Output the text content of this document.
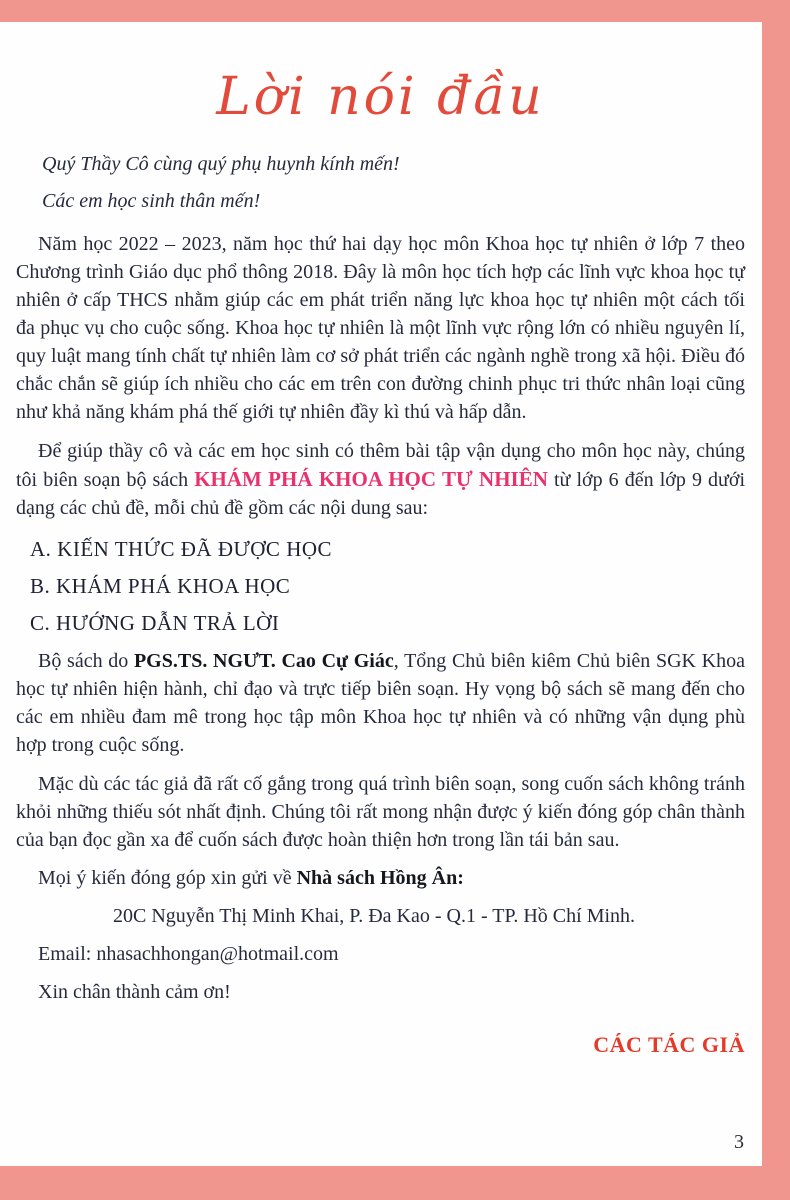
Lời nói đầu

Quý Thầy Cô cùng quý phụ huynh kính mến!

Các em học sinh thân mến!

Năm học 2022 – 2023, năm học thứ hai dạy học môn Khoa học tự nhiên ở lớp 7 theo Chương trình Giáo dục phổ thông 2018. Đây là môn học tích hợp các lĩnh vực khoa học tự nhiên ở cấp THCS nhằm giúp các em phát triển năng lực khoa học tự nhiên một cách tối đa phục vụ cho cuộc sống. Khoa học tự nhiên là một lĩnh vực rộng lớn có nhiều nguyên lí, quy luật mang tính chất tự nhiên làm cơ sở phát triển các ngành nghề trong xã hội. Điều đó chắc chắn sẽ giúp ích nhiều cho các em trên con đường chinh phục tri thức nhân loại cũng như khả năng khám phá thế giới tự nhiên đầy kì thú và hấp dẫn.

Để giúp thầy cô và các em học sinh có thêm bài tập vận dụng cho môn học này, chúng tôi biên soạn bộ sách KHÁM PHÁ KHOA HỌC TỰ NHIÊN từ lớp 6 đến lớp 9 dưới dạng các chủ đề, mỗi chủ đề gồm các nội dung sau:

A. KIẾN THỨC ĐÃ ĐƯỢC HỌC
B. KHÁM PHÁ KHOA HỌC
C. HƯỚNG DẪN TRẢ LỜI

Bộ sách do PGS.TS. NGƯT. Cao Cự Giác, Tổng Chủ biên kiêm Chủ biên SGK Khoa học tự nhiên hiện hành, chỉ đạo và trực tiếp biên soạn. Hy vọng bộ sách sẽ mang đến cho các em nhiều đam mê trong học tập môn Khoa học tự nhiên và có những vận dụng phù hợp trong cuộc sống.

Mặc dù các tác giả đã rất cố gắng trong quá trình biên soạn, song cuốn sách không tránh khỏi những thiếu sót nhất định. Chúng tôi rất mong nhận được ý kiến đóng góp chân thành của bạn đọc gần xa để cuốn sách được hoàn thiện hơn trong lần tái bản sau.

Mọi ý kiến đóng góp xin gửi về Nhà sách Hồng Ân:

20C Nguyễn Thị Minh Khai, P. Đa Kao - Q.1 - TP. Hồ Chí Minh.

Email: nhasachhongan@hotmail.com

Xin chân thành cảm ơn!

CÁC TÁC GIẢ

3
